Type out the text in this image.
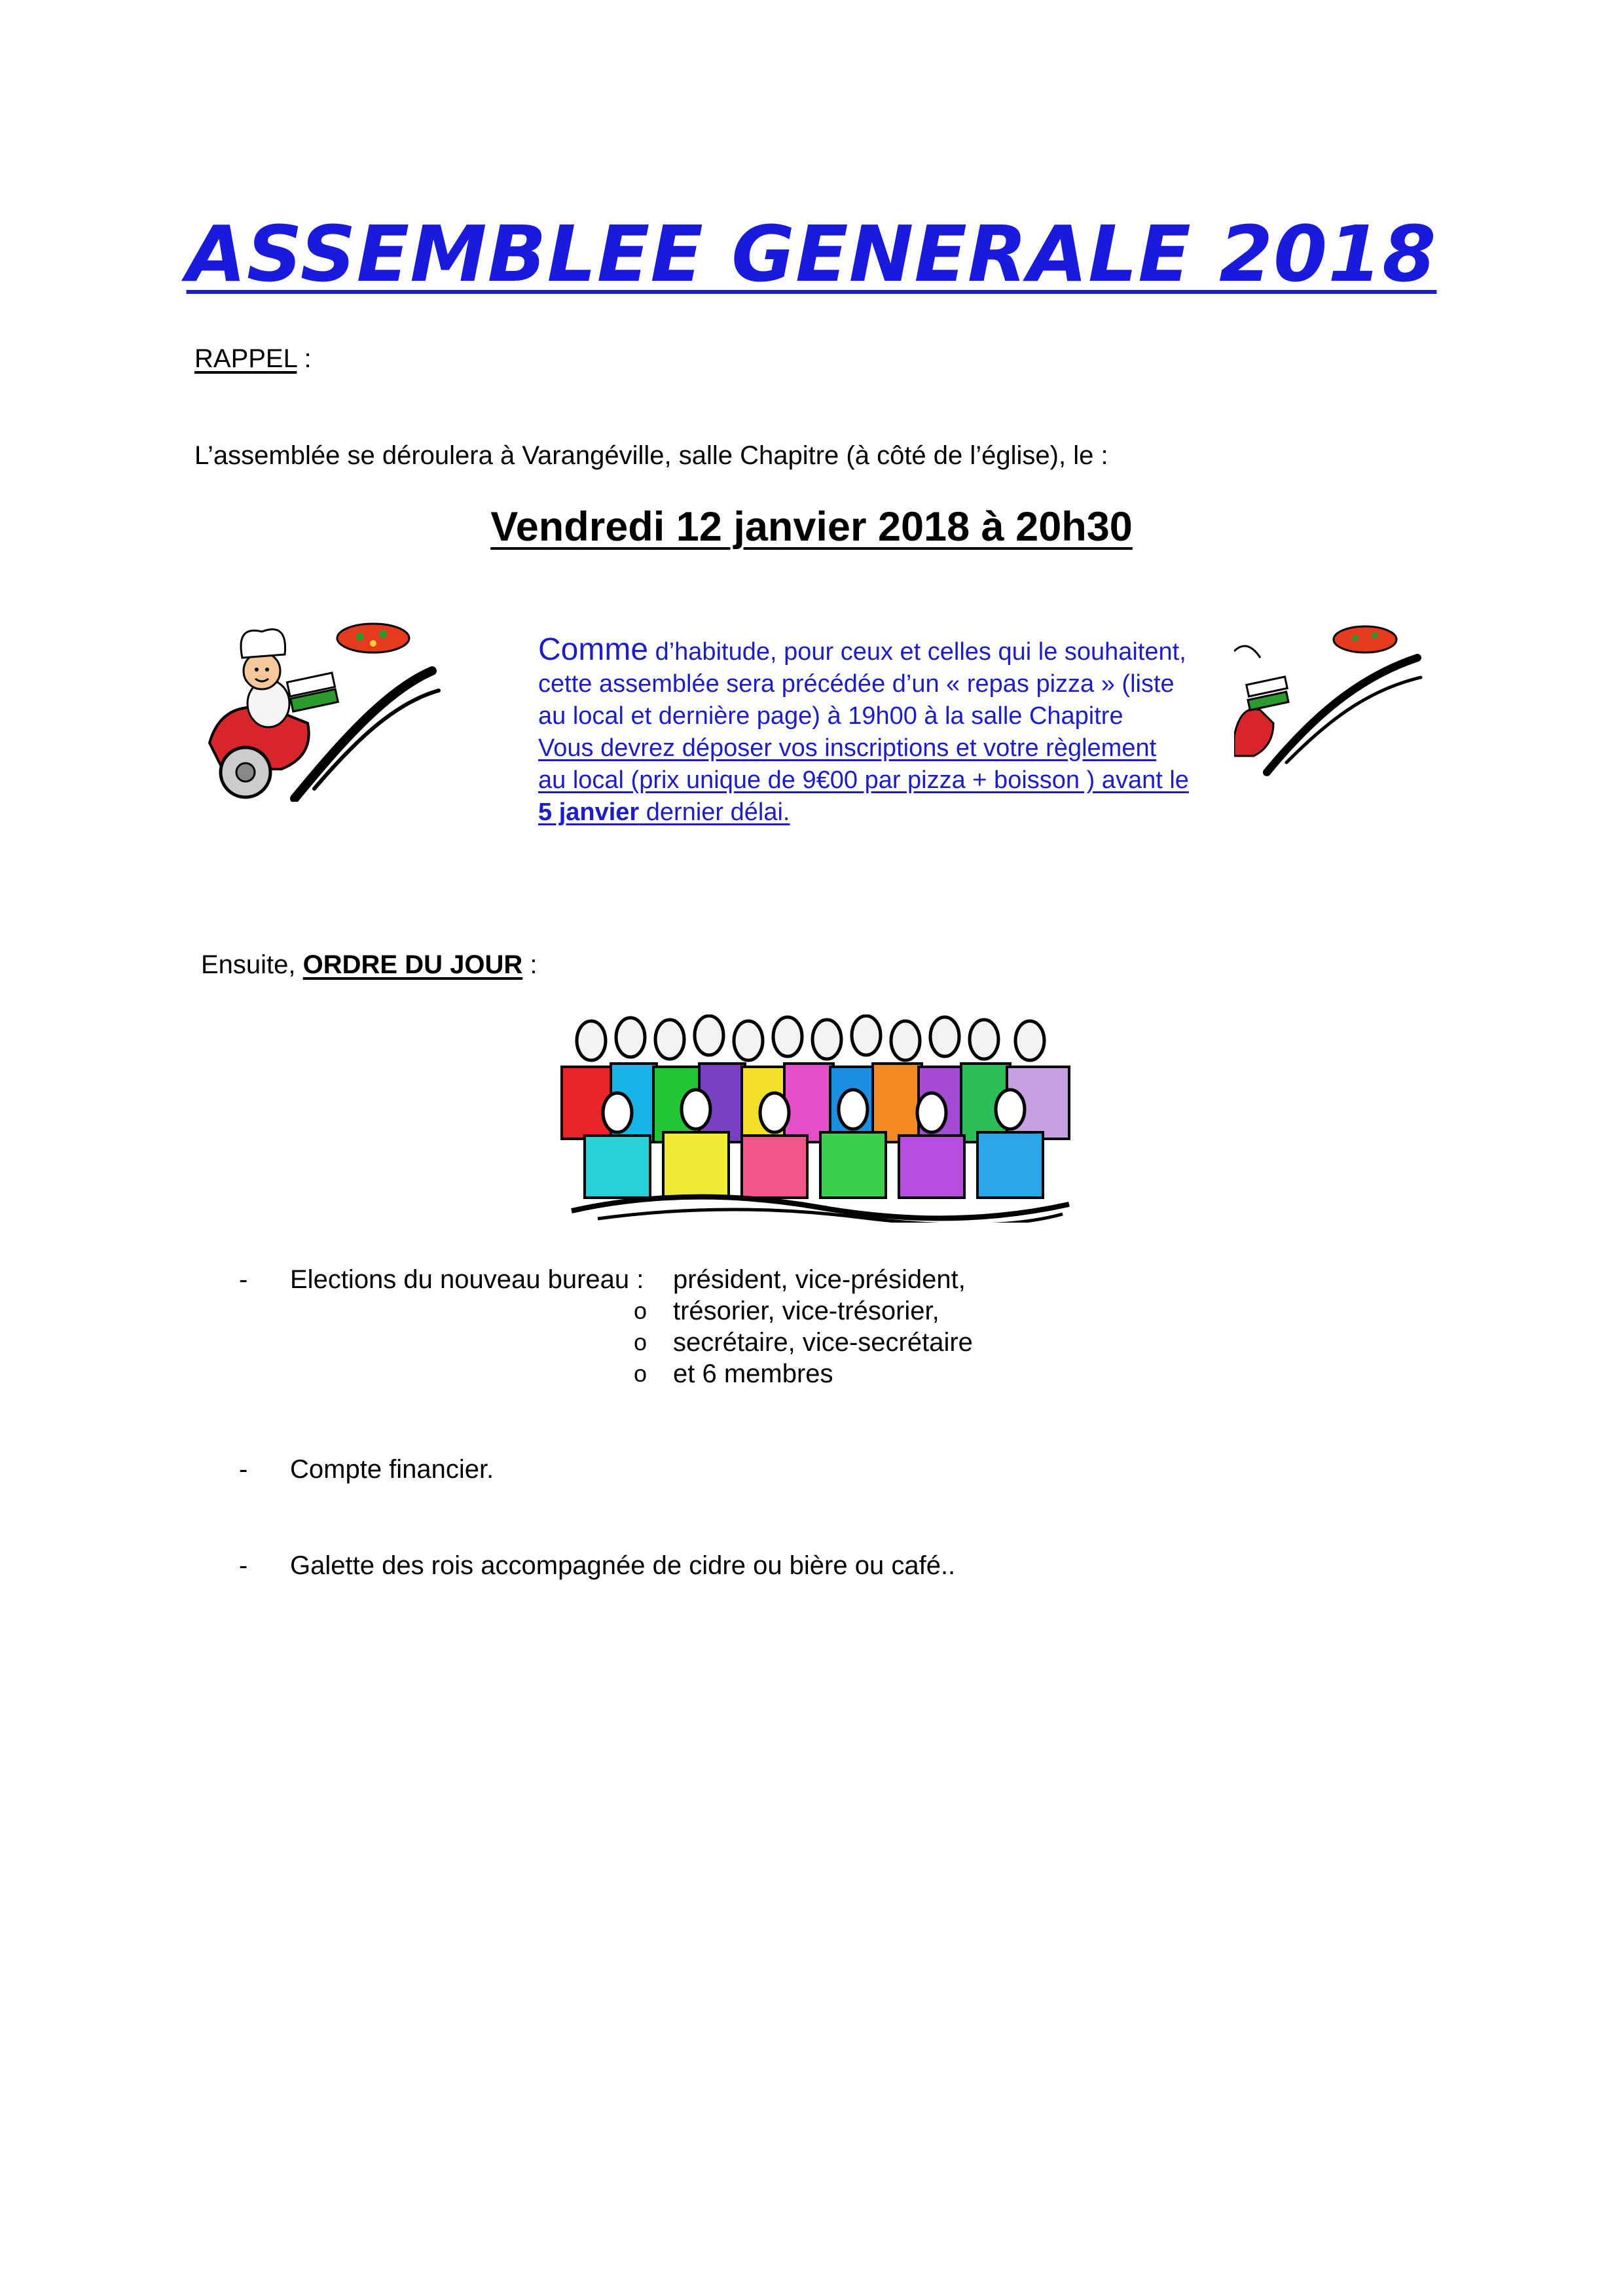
ASSEMBLEE GENERALE 2018
RAPPEL :
L’assemblée se déroulera à Varangéville, salle Chapitre (à côté de l’église), le :
Vendredi 12 janvier 2018 à 20h30
Comme d’habitude, pour ceux et celles qui le souhaitent,
cette assemblée sera précédée d’un « repas pizza » (liste
au local et dernière page) à 19h00 à la salle Chapitre
Vous devrez déposer vos inscriptions et votre règlement
au local (prix unique de 9€00 par pizza + boisson ) avant le
5 janvier dernier délai.
Ensuite, ORDRE DU JOUR :
- Elections du nouveau bureau : président, vice-président,
o trésorier, vice-trésorier,
o secrétaire, vice-secrétaire
o et 6 membres
- Compte financier.
- Galette des rois accompagnée de cidre ou bière ou café..
